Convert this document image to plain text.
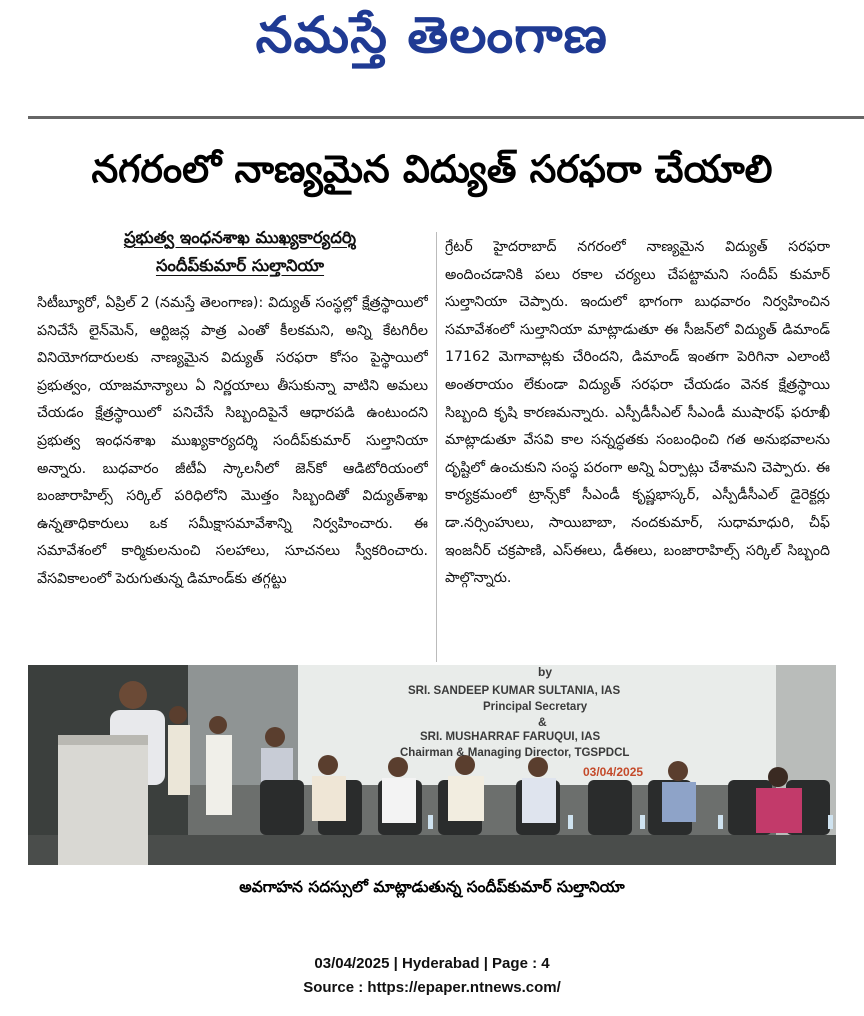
నమస్తే తెలంగాణ
నగరంలో నాణ్యమైన విద్యుత్ సరఫరా చేయాలి
ప్రభుత్వ ఇంధనశాఖ ముఖ్యకార్యదర్శి
సందీప్‌కుమార్ సుల్తానియా
సిటీబ్యూరో, ఏప్రిల్ 2 (నమస్తే తెలంగాణ): విద్యుత్ సంస్థల్లో క్షేత్రస్థాయిలో పనిచేసే లైన్‌మెన్, ఆర్టిజన్ల పాత్ర ఎంతో కీలకమని, అన్ని కేటగిరీల వినియోగదారులకు నాణ్యమైన విద్యుత్ సరఫరా కోసం పైస్థాయిలో ప్రభుత్వం, యాజమాన్యాలు ఏ నిర్ణయాలు తీసుకున్నా వాటిని అమలు చేయడం క్షేత్రస్థాయిలో పనిచేసే సిబ్బందిపైనే ఆధారపడి ఉంటుందని ప్రభుత్వ ఇంధనశాఖ ముఖ్యకార్యదర్శి సందీప్‌కుమార్ సుల్తానియా అన్నారు. బుధవారం జీటీఏ స్కాలనీలో జెన్‌కో ఆడిటోరియంలో బంజారాహిల్స్ సర్కిల్ పరిధిలోని మొత్తం సిబ్బందితో విద్యుత్‌శాఖ ఉన్నతాధికారులు ఒక సమీక్షాసమావేశాన్ని నిర్వహించారు. ఈ సమావేశంలో కార్మికులనుంచి సలహాలు, సూచనలు స్వీకరించారు. వేసవికాలంలో పెరుగుతున్న డిమాండ్‌కు తగ్గట్టు
గ్రేటర్ హైదరాబాద్ నగరంలో నాణ్యమైన విద్యుత్ సరఫరా అందించడానికి పలు రకాల చర్యలు చేపట్టామని సందీప్ కుమార్ సుల్తానియా చెప్పారు. ఇందులో భాగంగా బుధవారం నిర్వహించిన సమావేశంలో సుల్తానియా మాట్లాడుతూ ఈ సీజన్‌లో విద్యుత్ డిమాండ్ 17162 మెగావాట్లకు చేరిందని, డిమాండ్ ఇంతగా పెరిగినా ఎలాంటి అంతరాయం లేకుండా విద్యుత్ సరఫరా చేయడం వెనక క్షేత్రస్థాయి సిబ్బంది కృషి కారణమన్నారు. ఎస్పీడీసీఎల్ సీఎండీ ముషారఫ్ ఫరూఖీ మాట్లాడుతూ వేసవి కాల సన్నద్ధతకు సంబంధించి గత అనుభవాలను దృష్టిలో ఉంచుకుని సంస్థ పరంగా అన్ని ఏర్పాట్లు చేశామని చెప్పారు. ఈ కార్యక్రమంలో ట్రాన్స్‌కో సీఎండీ కృష్ణభాస్కర్, ఎస్పీడీసీఎల్ డైరెక్టర్లు డా.నర్సింహులు, సాయిబాబా, నందకుమార్, సుధామాధురి, చీఫ్ ఇంజనీర్ చక్రపాణి, ఎస్ఈలు, డీఈలు, బంజారాహిల్స్ సర్కిల్ సిబ్బంది పాల్గొన్నారు.
by
SRI. SANDEEP KUMAR SULTANIA, IAS
Principal Secretary
&
SRI. MUSHARRAF FARUQUI, IAS
Chairman & Managing Director, TGSPDCL
03/04/2025
అవగాహన సదస్సులో మాట్లాడుతున్న సందీప్‌కుమార్ సుల్తానియా
03/04/2025 | Hyderabad | Page : 4
Source : https://epaper.ntnews.com/
